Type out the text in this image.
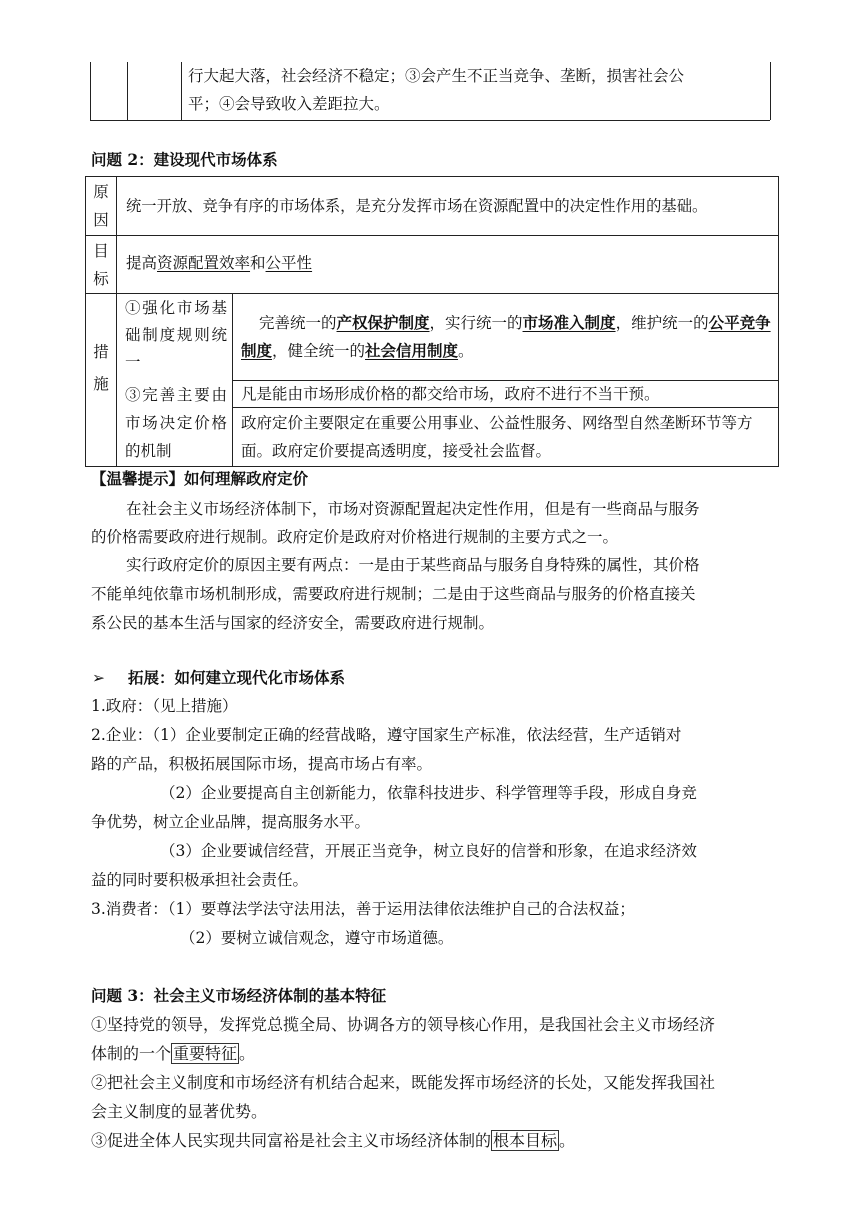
行大起大落，社会经济不稳定；③会产生不正当竞争、垄断，损害社会公
平；④会导致收入差距拉大。
问题 2：建设现代市场体系
原因
统一开放、竞争有序的市场体系，是充分发挥市场在资源配置中的决定性作用的基础。
目标
提高资源配置效率和公平性
措施
①强化市场基础制度规则统一
完善统一的产权保护制度，实行统一的市场准入制度，维护统一的公平竞争制度，健全统一的社会信用制度。
③完善主要由市场决定价格的机制
凡是能由市场形成价格的都交给市场，政府不进行不当干预。
政府定价主要限定在重要公用事业、公益性服务、网络型自然垄断环节等方面。政府定价要提高透明度，接受社会监督。
【温馨提示】如何理解政府定价
在社会主义市场经济体制下，市场对资源配置起决定性作用，但是有一些商品与服务
的价格需要政府进行规制。政府定价是政府对价格进行规制的主要方式之一。
实行政府定价的原因主要有两点：一是由于某些商品与服务自身特殊的属性，其价格
不能单纯依靠市场机制形成，需要政府进行规制；二是由于这些商品与服务的价格直接关
系公民的基本生活与国家的经济安全，需要政府进行规制。
➢ 拓展：如何建立现代化市场体系
1.政府：（见上措施）
2.企业：（1）企业要制定正确的经营战略，遵守国家生产标准，依法经营，生产适销对
路的产品，积极拓展国际市场，提高市场占有率。
（2）企业要提高自主创新能力，依靠科技进步、科学管理等手段，形成自身竞
争优势，树立企业品牌，提高服务水平。
（3）企业要诚信经营，开展正当竞争，树立良好的信誉和形象，在追求经济效
益的同时要积极承担社会责任。
3.消费者：（1）要尊法学法守法用法，善于运用法律依法维护自己的合法权益；
（2）要树立诚信观念，遵守市场道德。
问题 3：社会主义市场经济体制的基本特征
①坚持党的领导，发挥党总揽全局、协调各方的领导核心作用，是我国社会主义市场经济
体制的一个 重要特征 。
②把社会主义制度和市场经济有机结合起来，既能发挥市场经济的长处，又能发挥我国社
会主义制度的显著优势。
③促进全体人民实现共同富裕是社会主义市场经济体制的 根本目标 。
